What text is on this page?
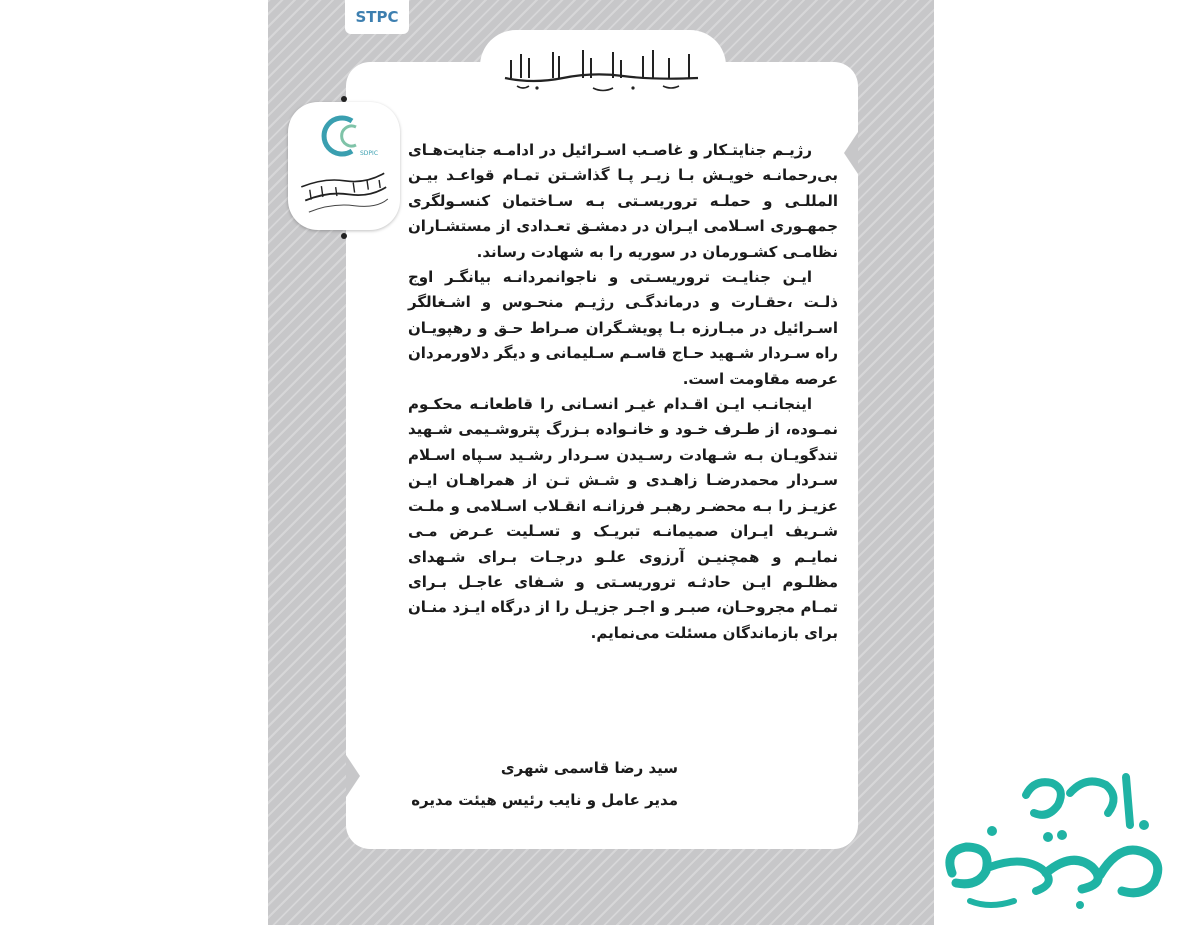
STPC
SDPIC رژیـم جنایتـکار و غاصـب اسـرائیل در ادامـه جنایت‌هـای بی‌رحمانـه خویـش بـا زیـر پـا گذاشـتن تمـام قواعـد بیـن المللـی و حملـه تروریسـتی بـه سـاختمان کنسـولگری جمهـوری اسـلامی ایـران در دمشـق تعـدادی از مستشـاران نظامـی کشـورمان در سوریه را به شهادت رساند.

ایـن جنایـت تروریسـتی و ناجوانمردانـه بیانگـر اوج ذلـت ،حقـارت و درماندگـی رژیـم منحـوس و اشـغالگر اسـرائیل در مبـارزه بـا پویشـگران صـراط حـق و رهپویـان راه سـردار شـهید حـاج قاسـم سـلیمانی و دیگر دلاورمردان عرصه مقاومت است.

اینجانـب ایـن اقـدام غیـر انسـانی را قاطعانـه محکـوم نمـوده، از طـرف خـود و خانـواده بـزرگ پتروشـیمی شـهید تندگویـان بـه شـهادت رسـیدن سـردار رشـید سـپاه اسـلام سـردار محمدرضـا زاهـدی و شـش تـن از همراهـان ایـن عزیـز را بـه محضـر رهبـر فرزانـه انقـلاب اسـلامی و ملـت شـریف ایـران صمیمانـه تبریـک و تسـلیت عـرض مـی نمایـم و همچنیـن آرزوی علـو درجـات بـرای شـهدای مظلـوم ایـن حادثـه تروریسـتی و شـفای عاجـل بـرای تمـام مجروحـان، صبـر و اجـر جزیـل را از درگاه ایـزد منـان برای بازماندگان مسئلت می‌نمایم.

سید رضا قاسمی شهری
مدیر عامل و نایب رئیس هیئت مدیره
